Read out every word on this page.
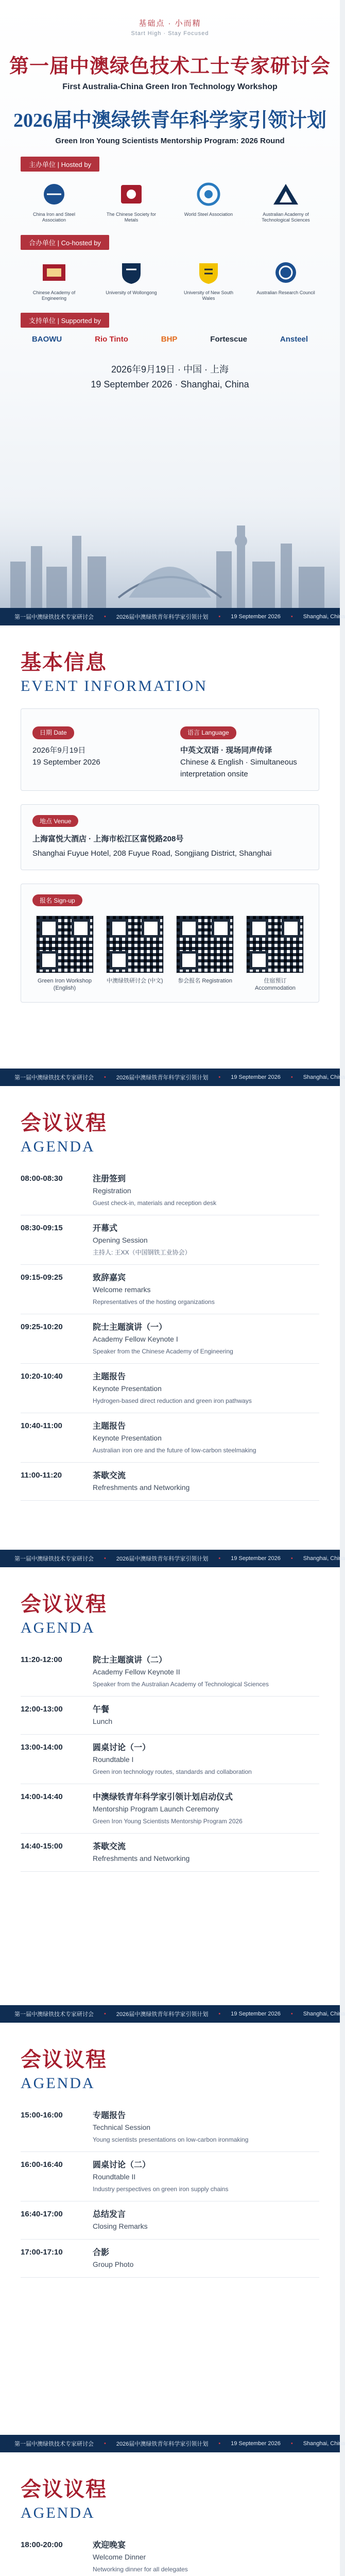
基础点 · 小而精
Start High · Stay Focused
第一届中澳绿色技术工士专家研讨会
First Australia-China Green Iron Technology Workshop
2026届中澳绿铁青年科学家引领计划
Green Iron Young Scientists Mentorship Program: 2026 Round
主办单位 | Hosted by
China Iron and Steel Association
The Chinese Society for Metals
World Steel Association	Australian Academy of Technological Sciences
合办单位 | Co-hosted by
Chinese Academy of Engineering
University of Wollongong	University of New South Wales
Australian Research Council
支持单位 | Supported by
BAOWU	Rio Tinto	BHP	Fortescue	Ansteel
2026年9月19日 · 中国 · 上海
19 September 2026 · Shanghai, China
第一届中澳绿铁技术专家研讨会 • 2026届中澳绿铁青年科学家引领计划 • 19 September 2026 • Shanghai, China
基本信息
EVENT INFORMATION
日期 Date
2026年9月19日
19 September 2026
语言 Language
中英文双语 · 现场同声传译
Chinese & English · Simultaneous interpretation onsite
地点 Venue
上海富悦大酒店 · 上海市松江区富悦路208号
Shanghai Fuyue Hotel, 208 Fuyue Road, Songjiang District, Shanghai
报名 Sign-up
Green Iron Workshop (English)
中澳绿铁研讨会 (中文)	参会报名 Registration	住宿预订 Accommodation
第一届中澳绿铁技术专家研讨会 • 2026届中澳绿铁青年科学家引领计划 • 19 September 2026 • Shanghai, China
会议议程
AGENDA
08:00-08:30	注册签到
Registration
Guest check-in, materials and reception desk
08:30-09:15	开幕式
Opening Session
主持人: 王XX（中国钢铁工业协会）
09:15-09:25	致辞嘉宾
Welcome remarks
Representatives of the hosting organizations
09:25-10:20	院士主题演讲（一）
Academy Fellow Keynote I
Speaker from the Chinese Academy of Engineering
10:20-10:40	主题报告
Keynote Presentation
Hydrogen-based direct reduction and green iron pathways
10:40-11:00	主题报告
Keynote Presentation
Australian iron ore and the future of low-carbon steelmaking
11:00-11:20	茶歇交流
Refreshments and Networking
第一届中澳绿铁技术专家研讨会 • 2026届中澳绿铁青年科学家引领计划 • 19 September 2026 • Shanghai, China
会议议程
AGENDA
11:20-12:00	院士主题演讲（二）
Academy Fellow Keynote II
Speaker from the Australian Academy of Technological Sciences
12:00-13:00	午餐
Lunch
13:00-14:00	圆桌讨论（一）
Roundtable I
Green iron technology routes, standards and collaboration
14:00-14:40	中澳绿铁青年科学家引领计划启动仪式
Mentorship Program Launch Ceremony
Green Iron Young Scientists Mentorship Program 2026
14:40-15:00	茶歇交流
Refreshments and Networking
第一届中澳绿铁技术专家研讨会 • 2026届中澳绿铁青年科学家引领计划 • 19 September 2026 • Shanghai, China
会议议程
AGENDA
15:00-16:00	专题报告
Technical Session
Young scientists presentations on low-carbon ironmaking
16:00-16:40	圆桌讨论（二）
Roundtable II
Industry perspectives on green iron supply chains
16:40-17:00	总结发言
Closing Remarks
17:00-17:10	合影
Group Photo
第一届中澳绿铁技术专家研讨会 • 2026届中澳绿铁青年科学家引领计划 • 19 September 2026 • Shanghai, China
会议议程
AGENDA
18:00-20:00	欢迎晚宴
Welcome Dinner
Networking dinner for all delegates
